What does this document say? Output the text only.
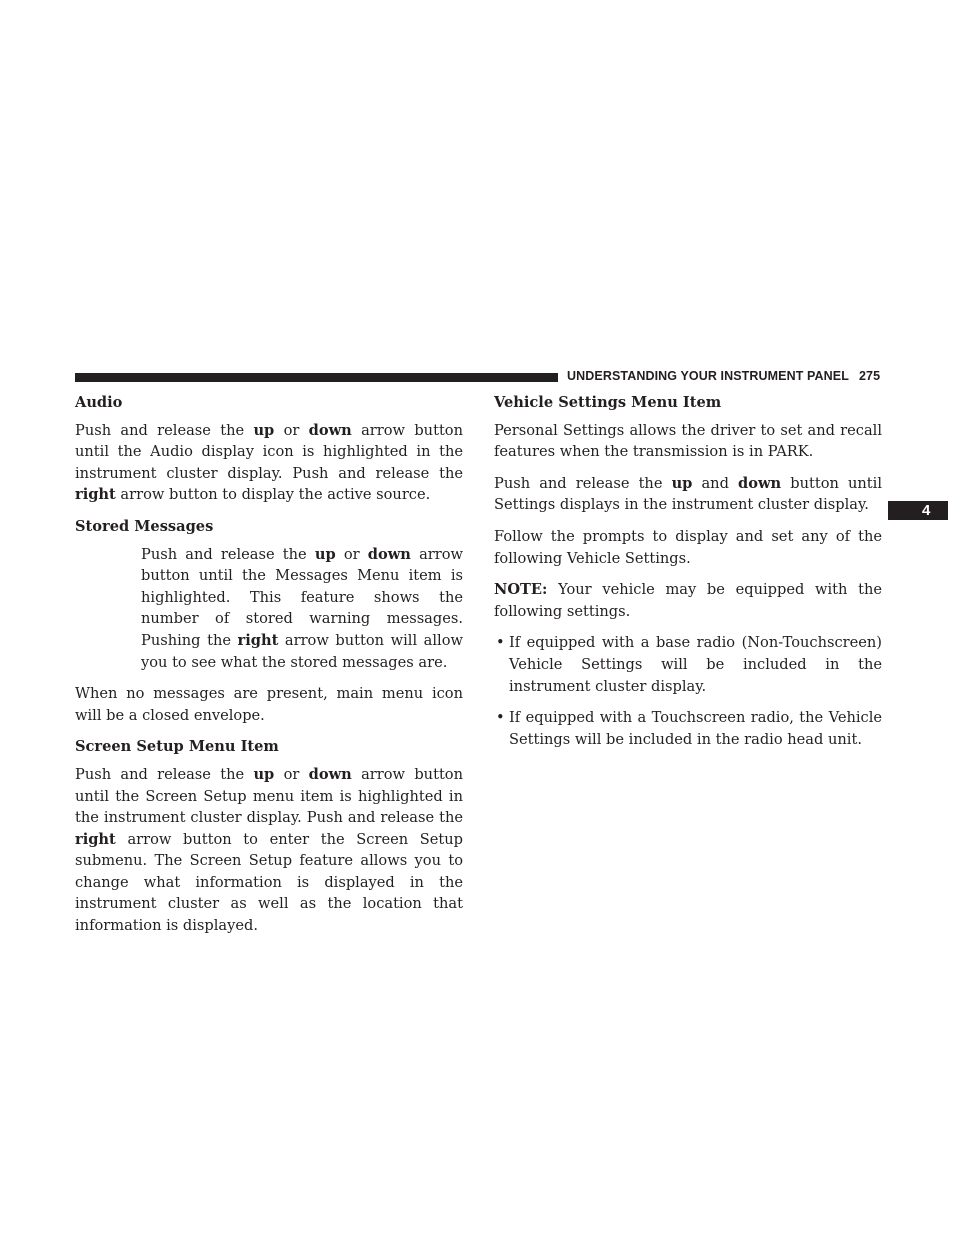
UNDERSTANDING YOUR INSTRUMENT PANEL 275
4
Audio

Push and release the up or down arrow button until the Audio display icon is highlighted in the instrument cluster display. Push and release the right arrow button to display the active source.

Stored Messages

Push and release the up or down arrow button until the Messages Menu item is highlighted. This feature shows the number of stored warning messages. Pushing the right arrow button will allow you to see what the stored messages are.

When no messages are present, main menu icon will be a closed envelope.

Screen Setup Menu Item

Push and release the up or down arrow button until the Screen Setup menu item is highlighted in the instrument cluster display. Push and release the right arrow button to enter the Screen Setup submenu. The Screen Setup feature allows you to change what information is displayed in the instrument cluster as well as the location that information is displayed.

Vehicle Settings Menu Item

Personal Settings allows the driver to set and recall features when the transmission is in PARK.

Push and release the up and down button until Settings displays in the instrument cluster display.

Follow the prompts to display and set any of the following Vehicle Settings.

NOTE: Your vehicle may be equipped with the following settings.

• If equipped with a base radio (Non-Touchscreen) Vehicle Settings will be included in the instrument cluster display.
• If equipped with a Touchscreen radio, the Vehicle Settings will be included in the radio head unit.
